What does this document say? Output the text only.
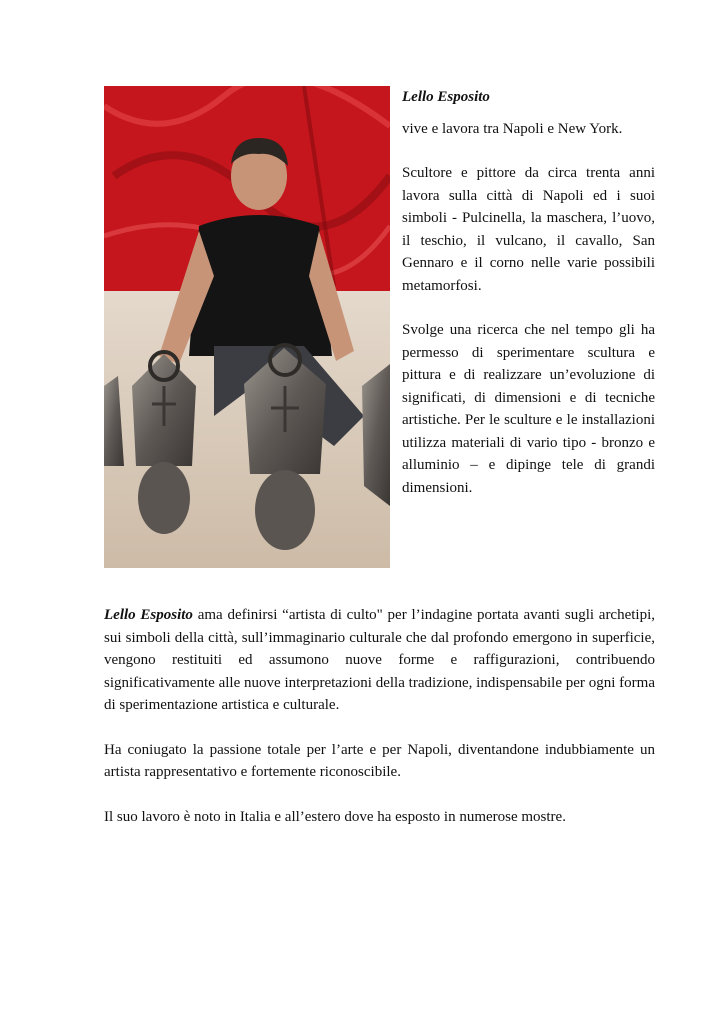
Lello Esposito

vive e lavora tra Napoli e New York.

Scultore e pittore da circa trenta anni lavora sulla città di Napoli ed i suoi simboli - Pulcinella, la maschera, l’uovo, il teschio, il vulcano, il cavallo, San Gennaro e il corno nelle varie possibili metamorfosi.

Svolge una ricerca che nel tempo gli ha permesso di sperimentare scultura e pittura e di realizzare un’evoluzione di significati, di dimensioni e di tecniche artistiche. Per le sculture e le installazioni utilizza materiali di vario tipo - bronzo e alluminio – e dipinge tele di grandi dimensioni.

Lello Esposito ama definirsi “artista di culto" per l’indagine portata avanti sugli archetipi, sui simboli della città, sull’immaginario culturale che dal profondo emergono in superficie, vengono restituiti ed assumono nuove forme e raffigurazioni, contribuendo significativamente alle nuove interpretazioni della tradizione, indispensabile per ogni forma di sperimentazione artistica e culturale.

Ha coniugato la passione totale per l’arte e per Napoli, diventandone indubbiamente un artista rappresentativo e fortemente riconoscibile.

Il suo lavoro è noto in Italia e all’estero dove ha esposto in numerose mostre.
